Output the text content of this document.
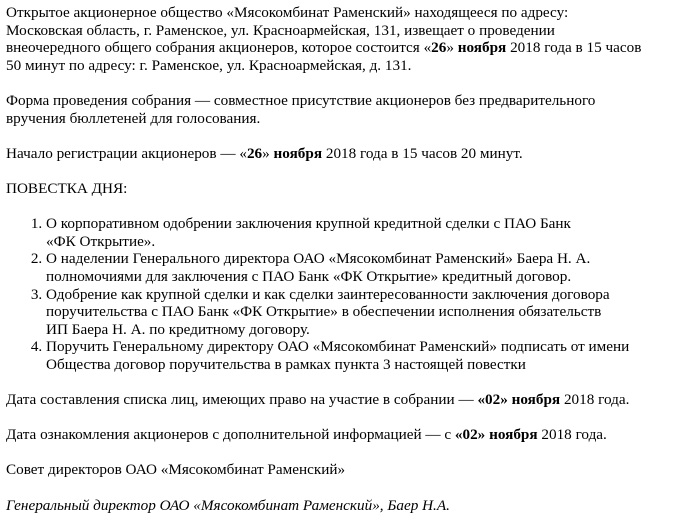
Открытое акционерное общество «Мясокомбинат Раменский» находящееся по адресу:
Московская область, г. Раменское, ул. Красноармейская, 131, извещает о проведении
внеочередного общего собрания акционеров, которое состоится «26» ноября 2018 года в 15 часов
50 минут по адресу: г. Раменское, ул. Красноармейская, д. 131.

Форма проведения собрания — совместное присутствие акционеров без предварительного
вручения бюллетеней для голосования.

Начало регистрации акционеров — «26» ноября 2018 года в 15 часов 20 минут.

ПОВЕСТКА ДНЯ:

1. О корпоративном одобрении заключения крупной кредитной сделки с ПАО Банк
«ФК Открытие».
2. О наделении Генерального директора ОАО «Мясокомбинат Раменский» Баера Н. А.
полномочиями для заключения с ПАО Банк «ФК Открытие» кредитный договор.
3. Одобрение как крупной сделки и как сделки заинтересованности заключения договора
поручительства с ПАО Банк «ФК Открытие» в обеспечении исполнения обязательств
ИП Баера Н. А. по кредитному договору.
4. Поручить Генеральному директору ОАО «Мясокомбинат Раменский» подписать от имени
Общества договор поручительства в рамках пункта 3 настоящей повестки

Дата составления списка лиц, имеющих право на участие в собрании — «02» ноября 2018 года.

Дата ознакомления акционеров с дополнительной информацией — с «02» ноября 2018 года.

Совет директоров ОАО «Мясокомбинат Раменский»

Генеральный директор ОАО «Мясокомбинат Раменский», Баер Н.А.
